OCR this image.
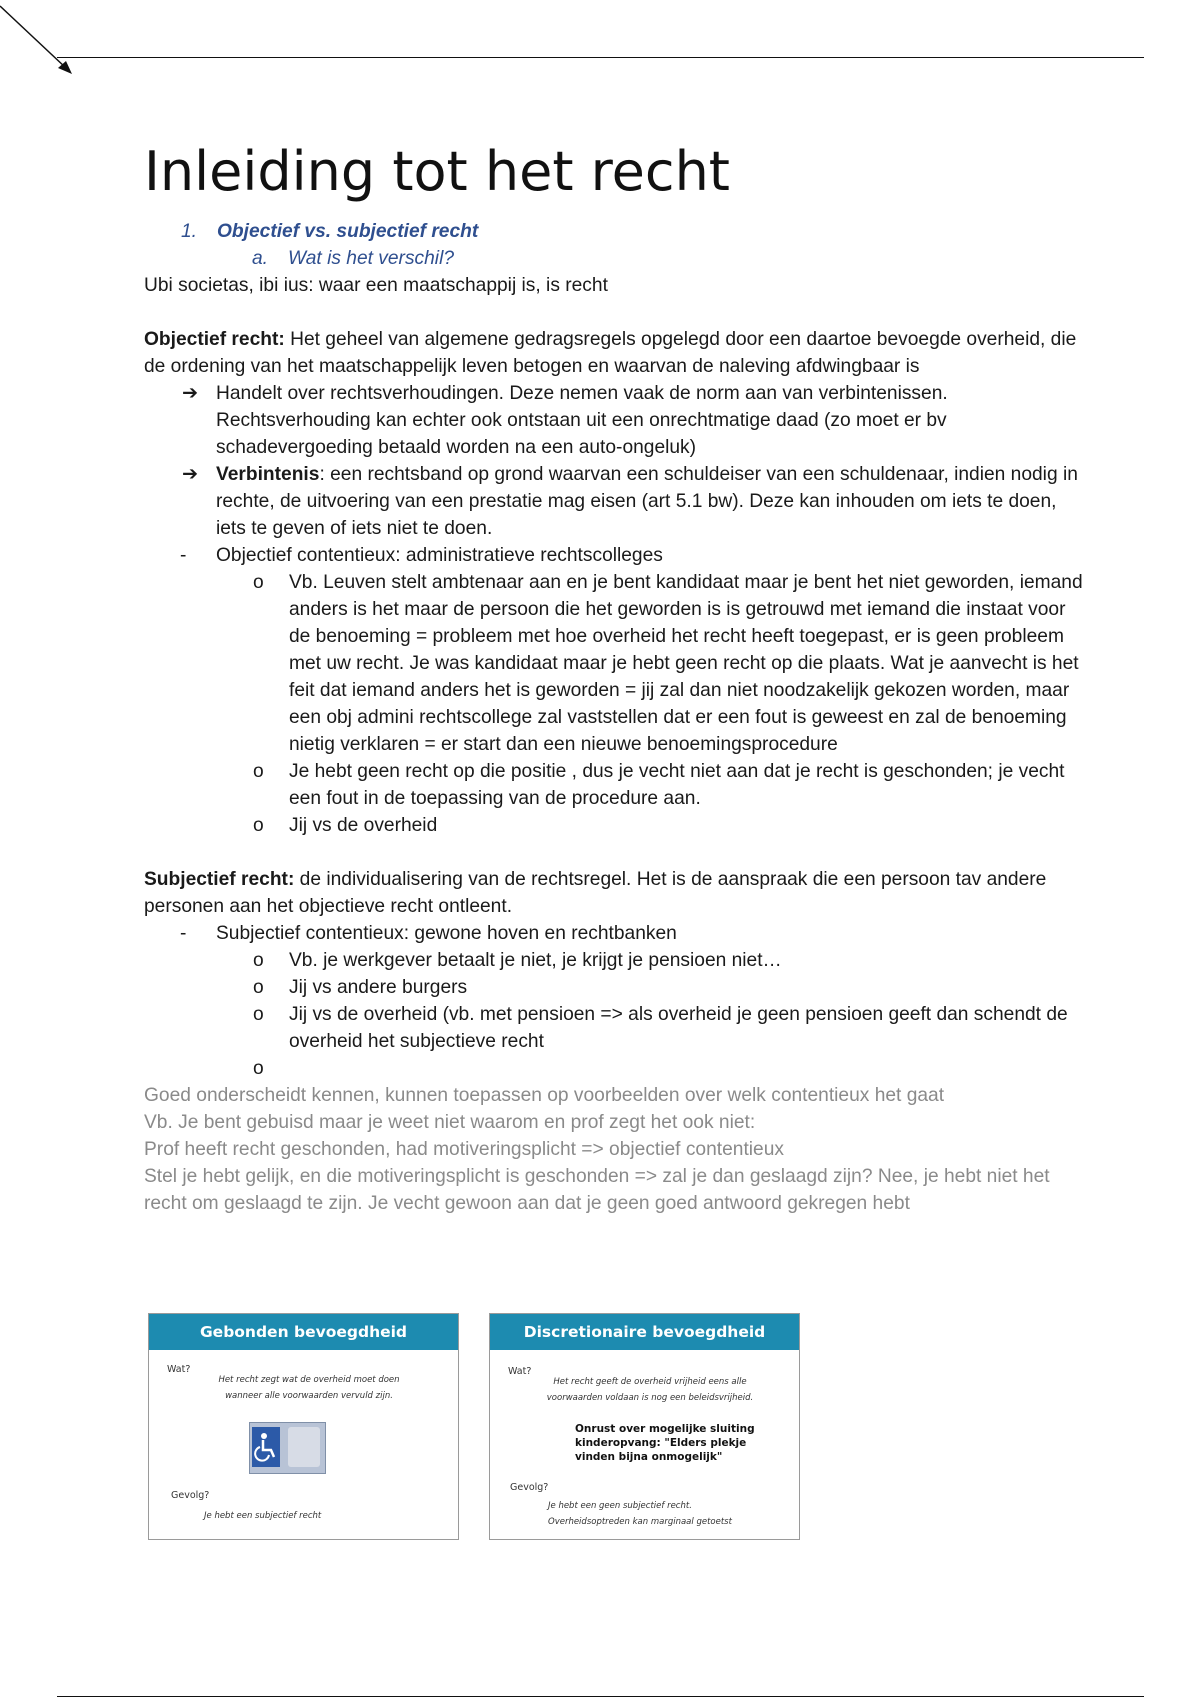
Inleiding tot het recht
1. Objectief vs. subjectief recht
a. Wat is het verschil?

Ubi societas, ibi ius: waar een maatschappij is, is recht

Objectief recht: Het geheel van algemene gedragsregels opgelegd door een daartoe bevoegde overheid, die de ordening van het maatschappelijk leven betogen en waarvan de naleving afdwingbaar is

➔ Handelt over rechtsverhoudingen. Deze nemen vaak de norm aan van verbintenissen. Rechtsverhouding kan echter ook ontstaan uit een onrechtmatige daad (zo moet er bv schadevergoeding betaald worden na een auto-ongeluk)
➔ Verbintenis: een rechtsband op grond waarvan een schuldeiser van een schuldenaar, indien nodig in rechte, de uitvoering van een prestatie mag eisen (art 5.1 bw). Deze kan inhouden om iets te doen, iets te geven of iets niet te doen.
- Objectief contentieux: administratieve rechtscolleges
o Vb. Leuven stelt ambtenaar aan en je bent kandidaat maar je bent het niet geworden, iemand anders is het maar de persoon die het geworden is is getrouwd met iemand die instaat voor de benoeming = probleem met hoe overheid het recht heeft toegepast, er is geen probleem met uw recht. Je was kandidaat maar je hebt geen recht op die plaats. Wat je aanvecht is het feit dat iemand anders het is geworden = jij zal dan niet noodzakelijk gekozen worden, maar een obj admini rechtscollege zal vaststellen dat er een fout is geweest en zal de benoeming nietig verklaren = er start dan een nieuwe benoemingsprocedure
o Je hebt geen recht op die positie , dus je vecht niet aan dat je recht is geschonden; je vecht een fout in de toepassing van de procedure aan.
o Jij vs de overheid

Subjectief recht: de individualisering van de rechtsregel. Het is de aanspraak die een persoon tav andere personen aan het objectieve recht ontleent.

- Subjectief contentieux: gewone hoven en rechtbanken
o Vb. je werkgever betaalt je niet, je krijgt je pensioen niet…
o Jij vs andere burgers
o Jij vs de overheid (vb. met pensioen => als overheid je geen pensioen geeft dan schendt de overheid het subjectieve recht
o

Goed onderscheidt kennen, kunnen toepassen op voorbeelden over welk contentieux het gaat

Vb. Je bent gebuisd maar je weet niet waarom en prof zegt het ook niet:

Prof heeft recht geschonden, had motiveringsplicht => objectief contentieux

Stel je hebt gelijk, en die motiveringsplicht is geschonden => zal je dan geslaagd zijn? Nee, je hebt niet het recht om geslaagd te zijn. Je vecht gewoon aan dat je geen goed antwoord gekregen hebt

Gebonden bevoegdheid
Wat?
Het recht zegt wat de overheid moet doen
wanneer alle voorwaarden vervuld zijn.
Gevolg?
Je hebt een subjectief recht
Discretionaire bevoegdheid
Wat?
Het recht geeft de overheid vrijheid eens alle
voorwaarden voldaan is nog een beleidsvrijheid.
Onrust over mogelijke sluiting
kinderopvang: "Elders plekje
vinden bijna onmogelijk"
Gevolg?
Je hebt een geen subjectief recht.
Overheidsoptreden kan marginaal getoetst
